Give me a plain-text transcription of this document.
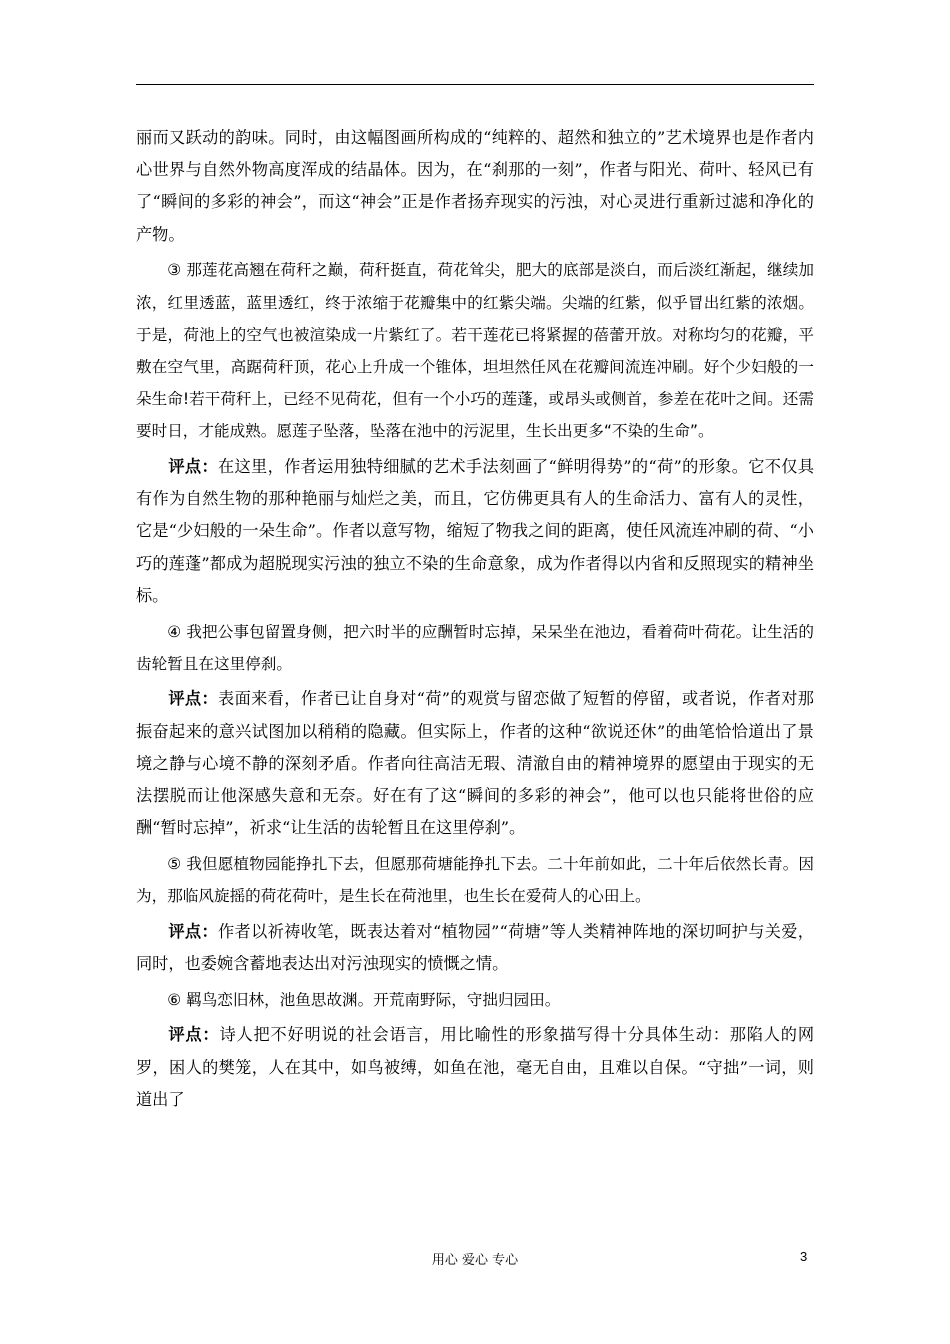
丽而又跃动的韵味。同时，由这幅图画所构成的“纯粹的、超然和独立的”艺术境界也是作者内心世界与自然外物高度浑成的结晶体。因为，在“刹那的一刻”，作者与阳光、荷叶、轻风已有了“瞬间的多彩的神会”，而这“神会”正是作者扬弃现实的污浊，对心灵进行重新过滤和净化的产物。

③ 那莲花高翘在荷秆之巅，荷秆挺直，荷花耸尖，肥大的底部是淡白，而后淡红渐起，继续加浓，红里透蓝，蓝里透红，终于浓缩于花瓣集中的红紫尖端。尖端的红紫，似乎冒出红紫的浓烟。于是，荷池上的空气也被渲染成一片紫红了。若干莲花已将紧握的蓓蕾开放。对称均匀的花瓣，平敷在空气里，高踞荷秆顶，花心上升成一个锥体，坦坦然任风在花瓣间流连冲刷。好个少妇般的一朵生命!若干荷秆上，已经不见荷花，但有一个小巧的莲蓬，或昂头或侧首，参差在花叶之间。还需要时日，才能成熟。愿莲子坠落，坠落在池中的污泥里，生长出更多“不染的生命”。

评点：在这里，作者运用独特细腻的艺术手法刻画了“鲜明得势”的“荷”的形象。它不仅具有作为自然生物的那种艳丽与灿烂之美，而且，它仿佛更具有人的生命活力、富有人的灵性，它是“少妇般的一朵生命”。作者以意写物，缩短了物我之间的距离，使任风流连冲刷的荷、“小巧的莲蓬”都成为超脱现实污浊的独立不染的生命意象，成为作者得以内省和反照现实的精神坐标。

④ 我把公事包留置身侧，把六时半的应酬暂时忘掉，呆呆坐在池边，看着荷叶荷花。让生活的齿轮暂且在这里停刹。

评点：表面来看，作者已让自身对“荷”的观赏与留恋做了短暂的停留，或者说，作者对那振奋起来的意兴试图加以稍稍的隐藏。但实际上，作者的这种“欲说还休”的曲笔恰恰道出了景境之静与心境不静的深刻矛盾。作者向往高洁无瑕、清澈自由的精神境界的愿望由于现实的无法摆脱而让他深感失意和无奈。好在有了这“瞬间的多彩的神会”，他可以也只能将世俗的应酬“暂时忘掉”，祈求“让生活的齿轮暂且在这里停刹”。

⑤ 我但愿植物园能挣扎下去，但愿那荷塘能挣扎下去。二十年前如此，二十年后依然长青。因为，那临风旋摇的荷花荷叶，是生长在荷池里，也生长在爱荷人的心田上。

评点：作者以祈祷收笔，既表达着对“植物园”“荷塘”等人类精神阵地的深切呵护与关爱，同时，也委婉含蓄地表达出对污浊现实的愤慨之情。

⑥ 羁鸟恋旧林，池鱼思故渊。开荒南野际，守拙归园田。

评点：诗人把不好明说的社会语言，用比喻性的形象描写得十分具体生动：那陷人的网罗，困人的樊笼，人在其中，如鸟被缚，如鱼在池，毫无自由，且难以自保。“守拙”一词，则道出了

用心 爱心 专心	3
